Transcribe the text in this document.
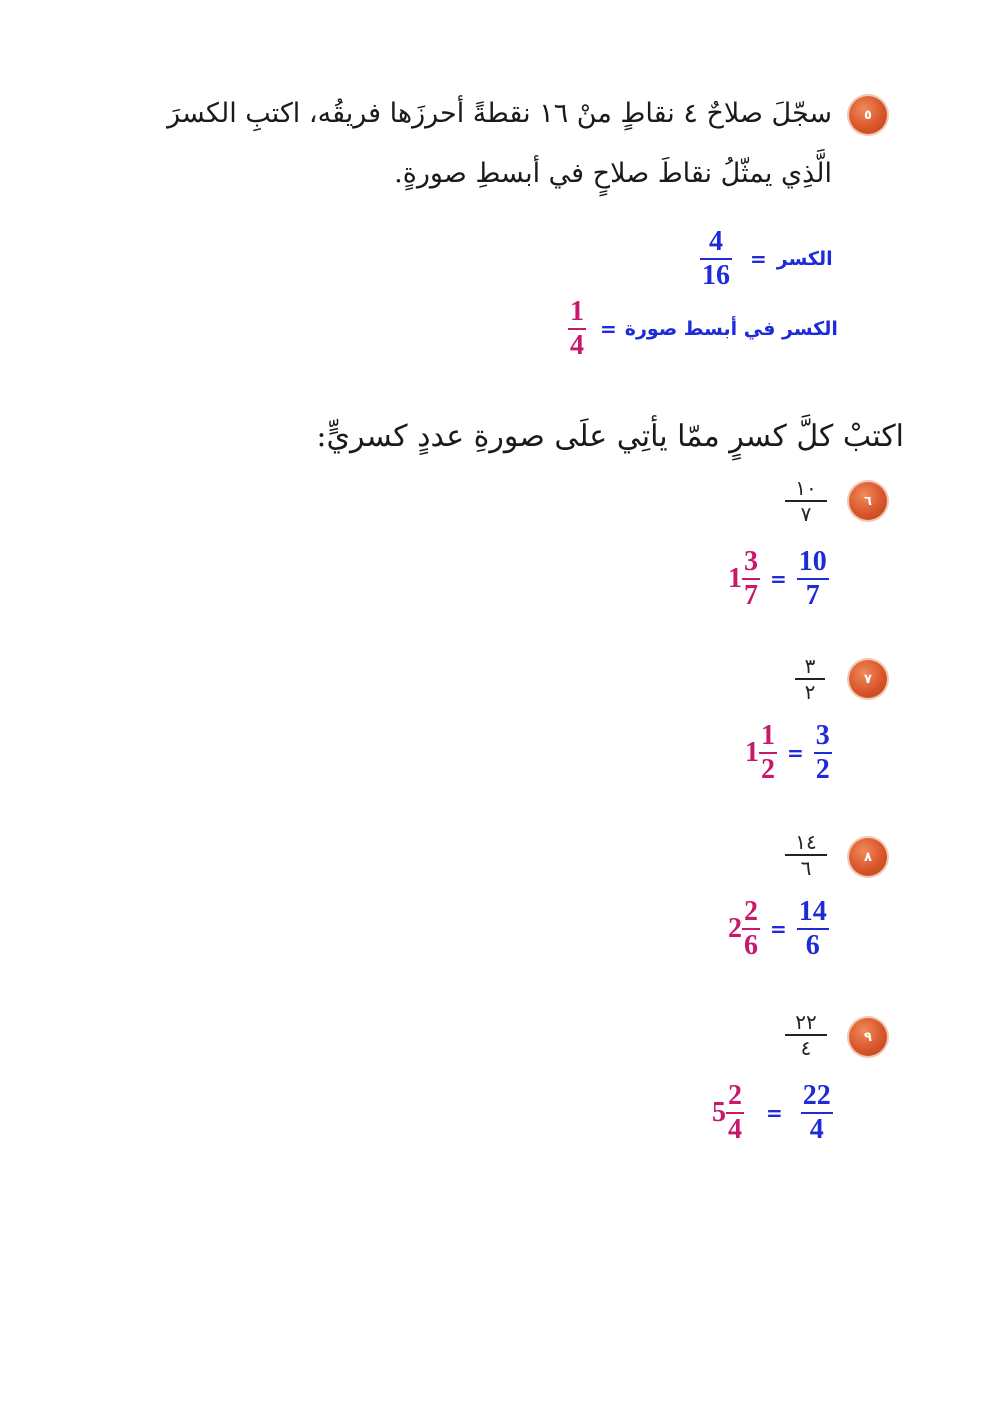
٥
سجّلَ صلاحٌ ٤ نقاطٍ منْ ١٦ نقطةً أحرزَها فريقُه، اكتبِ الكسرَ
الَّذِي يمثّلُ نقاطَ صلاحٍ في أبسطِ صورةٍ.
$\frac{4}{16}$ = الكسر
$\frac{1}{4}$ = الكسر في أبسط صورة
اكتبْ كلَّ كسرٍ ممّا يأتِي علَى صورةِ عددٍ كسريٍّ:
٦
١٠
٧
$1 \frac{3}{7} = \frac{10}{7}$
٧
٣
٢
$1 \frac{1}{2} = \frac{3}{2}$
٨
١٤
٦
$2 \frac{2}{6} = \frac{14}{6}$
٩
٢٢
٤
$5 \frac{2}{4} = \frac{22}{4}$
